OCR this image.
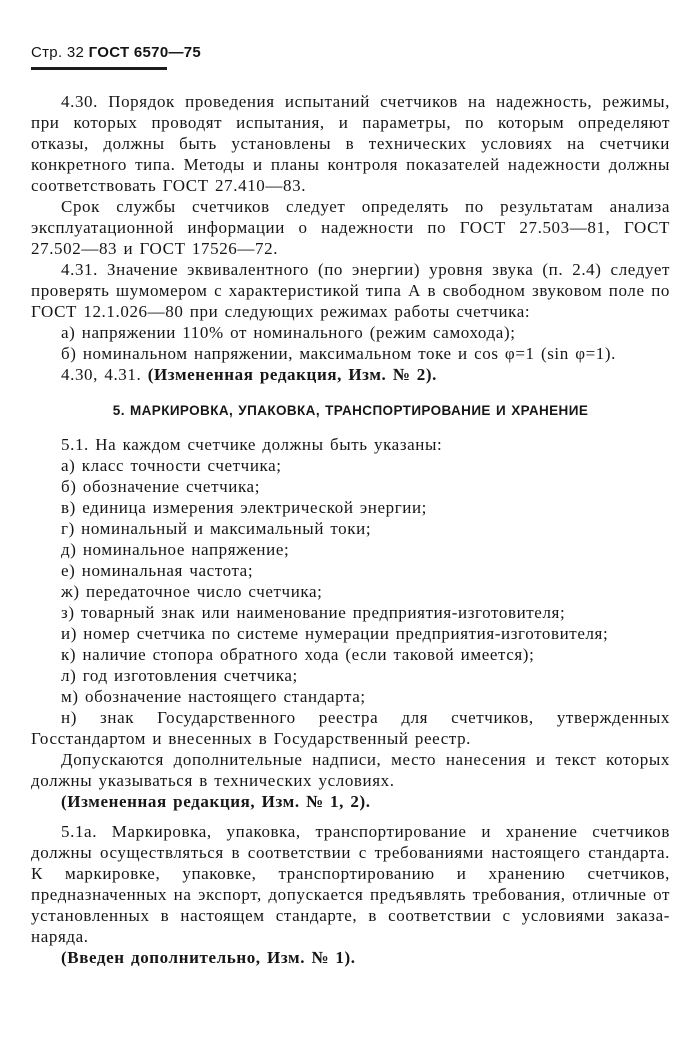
Стр. 32 ГОСТ 6570—75

4.30. Порядок проведения испытаний счетчиков на надежность, режимы, при которых проводят испытания, и параметры, по которым определяют отказы, должны быть установлены в технических условиях на счетчики конкретного типа. Методы и планы контроля показателей надежности должны соответствовать ГОСТ 27.410—83.

Срок службы счетчиков следует определять по результатам анализа эксплуатационной информации о надежности по ГОСТ 27.503—81, ГОСТ 27.502—83 и ГОСТ 17526—72.

4.31. Значение эквивалентного (по энергии) уровня звука (п. 2.4) следует проверять шумомером с характеристикой типа А в свободном звуковом поле по ГОСТ 12.1.026—80 при следующих режимах работы счетчика:

а) напряжении 110% от номинального (режим самохода);

б) номинальном напряжении, максимальном токе и cos φ=1 (sin φ=1).

4.30, 4.31. (Измененная редакция, Изм. № 2).

5. МАРКИРОВКА, УПАКОВКА, ТРАНСПОРТИРОВАНИЕ И ХРАНЕНИЕ

5.1. На каждом счетчике должны быть указаны:

а) класс точности счетчика;

б) обозначение счетчика;

в) единица измерения электрической энергии;

г) номинальный и максимальный токи;

д) номинальное напряжение;

е) номинальная частота;

ж) передаточное число счетчика;

з) товарный знак или наименование предприятия-изготовителя;

и) номер счетчика по системе нумерации предприятия-изготовителя;

к) наличие стопора обратного хода (если таковой имеется);

л) год изготовления счетчика;

м) обозначение настоящего стандарта;

н) знак Государственного реестра для счетчиков, утвержденных Госстандартом и внесенных в Государственный реестр.

Допускаются дополнительные надписи, место нанесения и текст которых должны указываться в технических условиях.

(Измененная редакция, Изм. № 1, 2).

5.1а. Маркировка, упаковка, транспортирование и хранение счетчиков должны осуществляться в соответствии с требованиями настоящего стандарта. К маркировке, упаковке, транспортированию и хранению счетчиков, предназначенных на экспорт, допускается предъявлять требования, отличные от установленных в настоящем стандарте, в соответствии с условиями заказа-наряда.

(Введен дополнительно, Изм. № 1).
